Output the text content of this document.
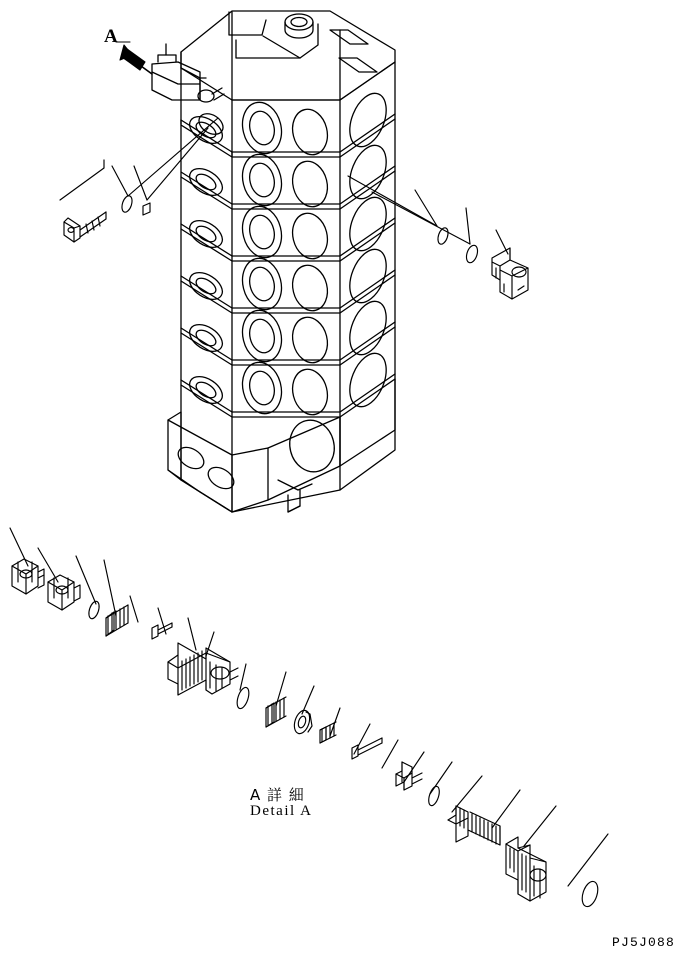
A
A 詳 細
Detail A
PJ5J088
